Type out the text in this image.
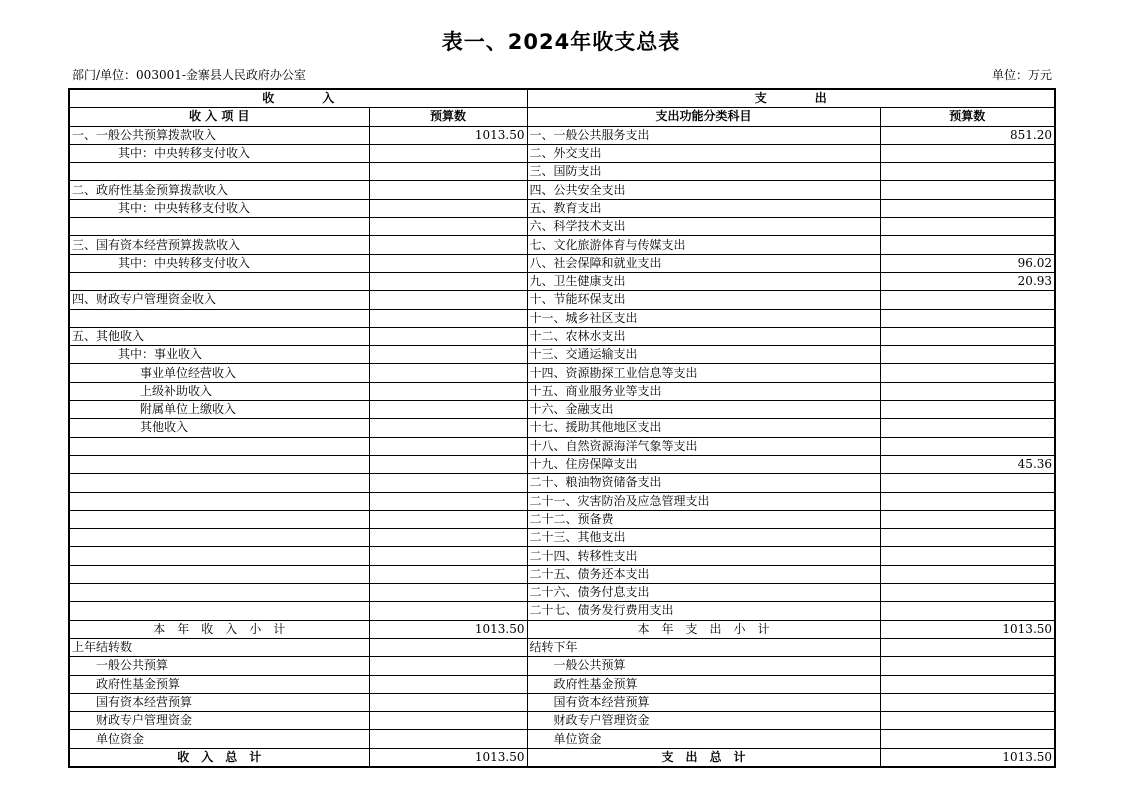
表一、2024年收支总表
部门/单位：003001-金寨县人民政府办公室	单位：万元
收　　　　入		支　　　　出	
收 入 项 目	预算数	支出功能分类科目	预算数
一、一般公共预算拨款收入	1013.50	一、一般公共服务支出	851.20
其中：中央转移支付收入		二、外交支出	
		三、国防支出	
二、政府性基金预算拨款收入		四、公共安全支出	
其中：中央转移支付收入		五、教育支出	
		六、科学技术支出	
三、国有资本经营预算拨款收入		七、文化旅游体育与传媒支出	
其中：中央转移支付收入		八、社会保障和就业支出	96.02
		九、卫生健康支出	20.93
四、财政专户管理资金收入		十、节能环保支出	
		十一、城乡社区支出	
五、其他收入		十二、农林水支出	
其中：事业收入		十三、交通运输支出	
事业单位经营收入		十四、资源勘探工业信息等支出	
上级补助收入		十五、商业服务业等支出	
附属单位上缴收入		十六、金融支出	
其他收入		十七、援助其他地区支出	
		十八、自然资源海洋气象等支出	
		十九、住房保障支出	45.36
		二十、粮油物资储备支出	
		二十一、灾害防治及应急管理支出	
		二十二、预备费	
		二十三、其他支出	
		二十四、转移性支出	
		二十五、债务还本支出	
		二十六、债务付息支出	
		二十七、债务发行费用支出	
本　年　收　入　小　计	1013.50	本　年　支　出　小　计	1013.50
上年结转数		结转下年	
一般公共预算		一般公共预算	
政府性基金预算		政府性基金预算	
国有资本经营预算		国有资本经营预算	
财政专户管理资金		财政专户管理资金	
单位资金		单位资金	
收　入　总　计	1013.50	支　出　总　计	1013.50
